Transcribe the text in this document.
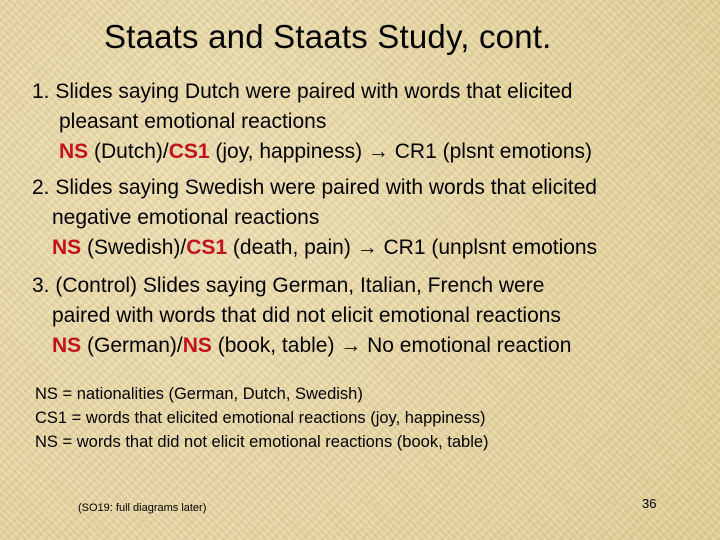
Staats and Staats Study, cont.
1. Slides saying Dutch were paired with words that elicited
pleasant emotional reactions
NS (Dutch)/CS1 (joy, happiness) → CR1 (plsnt emotions)
2. Slides saying Swedish were paired with words that elicited
negative emotional reactions
NS (Swedish)/CS1 (death, pain) → CR1 (unplsnt emotions
3. (Control) Slides saying German, Italian, French were
paired with words that did not elicit emotional reactions
NS (German)/NS (book, table) → No emotional reaction
NS = nationalities (German, Dutch, Swedish)
CS1 = words that elicited emotional reactions (joy, happiness)
NS = words that did not elicit emotional reactions (book, table)
(SO19: full diagrams later)	36
